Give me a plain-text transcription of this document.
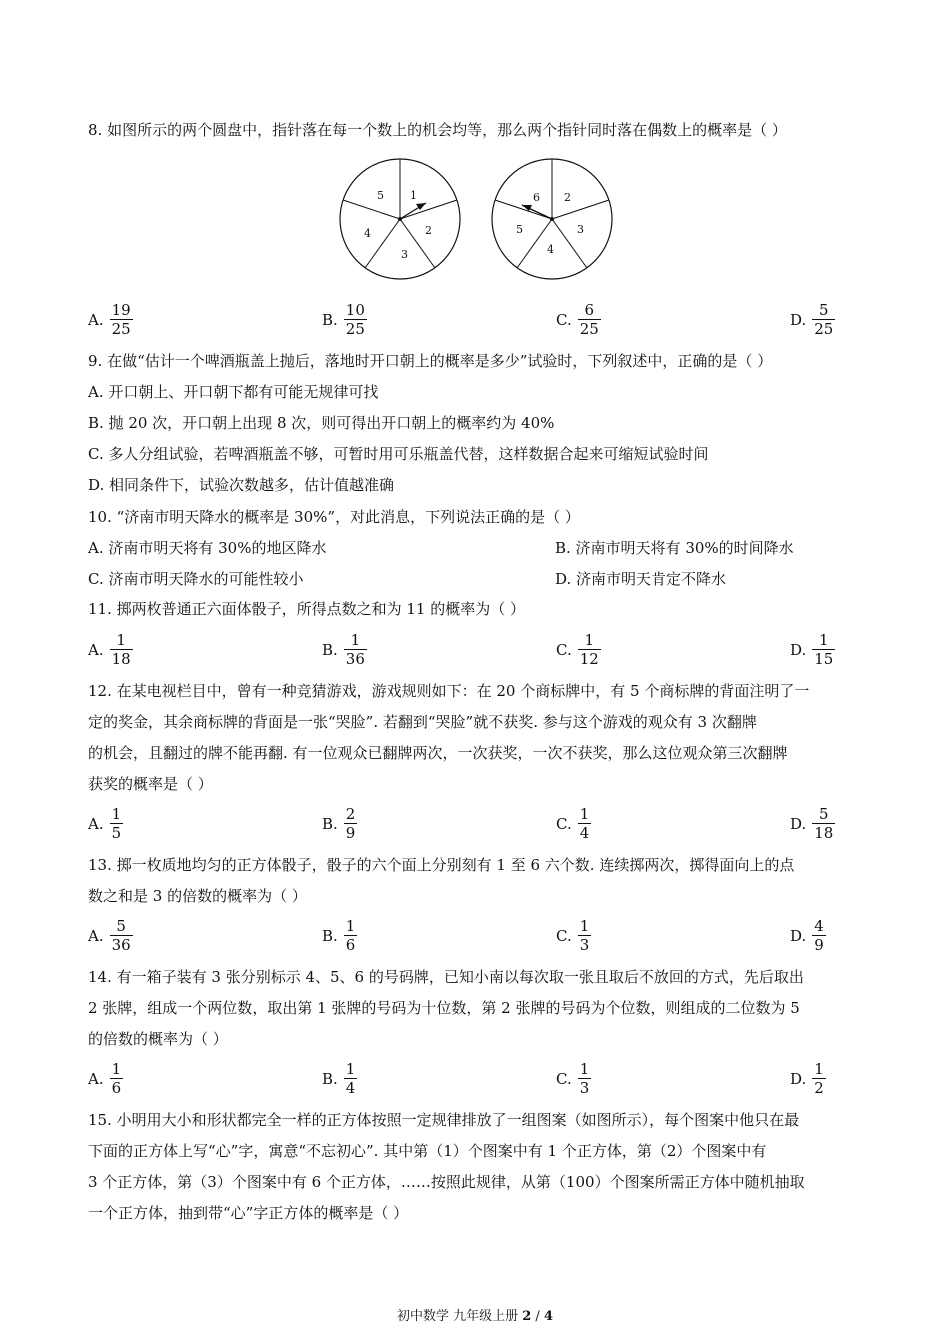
8. 如图所示的两个圆盘中，指针落在每一个数上的机会均等，那么两个指针同时落在偶数上的概率是（ ）
5 1
2
3
4
6 2
3
4
5
A. $\frac{19}{25}$	B. $\frac{10}{25}$	C. $\frac{6}{25}$	D. $\frac{5}{25}$
9. 在做“估计一个啤酒瓶盖上抛后，落地时开口朝上的概率是多少”试验时，下列叙述中，正确的是（ ）
A. 开口朝上、开口朝下都有可能无规律可找
B. 抛 20 次，开口朝上出现 8 次，则可得出开口朝上的概率约为 40%
C. 多人分组试验，若啤酒瓶盖不够，可暂时用可乐瓶盖代替，这样数据合起来可缩短试验时间
D. 相同条件下，试验次数越多，估计值越准确
10. “济南市明天降水的概率是 30%”，对此消息，下列说法正确的是（ ）
A. 济南市明天将有 30%的地区降水	B. 济南市明天将有 30%的时间降水
C. 济南市明天降水的可能性较小	D. 济南市明天肯定不降水
11. 掷两枚普通正六面体骰子，所得点数之和为 11 的概率为（ ）
A. $\frac{1}{18}$	B. $\frac{1}{36}$	C. $\frac{1}{12}$	D. $\frac{1}{15}$
12. 在某电视栏目中，曾有一种竞猜游戏，游戏规则如下：在 20 个商标牌中，有 5 个商标牌的背面注明了一
定的奖金，其余商标牌的背面是一张“哭脸”. 若翻到“哭脸”就不获奖. 参与这个游戏的观众有 3 次翻牌
的机会，且翻过的牌不能再翻. 有一位观众已翻牌两次，一次获奖，一次不获奖，那么这位观众第三次翻牌
获奖的概率是（ ）
A. $\frac{1}{5}$	B. $\frac{2}{9}$	C. $\frac{1}{4}$	D. $\frac{5}{18}$
13. 掷一枚质地均匀的正方体骰子，骰子的六个面上分别刻有 1 至 6 六个数. 连续掷两次，掷得面向上的点
数之和是 3 的倍数的概率为（ ）
A. $\frac{5}{36}$	B. $\frac{1}{6}$	C. $\frac{1}{3}$	D. $\frac{4}{9}$
14. 有一箱子装有 3 张分别标示 4、5、6 的号码牌，已知小南以每次取一张且取后不放回的方式，先后取出
2 张牌，组成一个两位数，取出第 1 张牌的号码为十位数，第 2 张牌的号码为个位数，则组成的二位数为 5
的倍数的概率为（ ）
A. $\frac{1}{6}$	B. $\frac{1}{4}$	C. $\frac{1}{3}$	D. $\frac{1}{2}$
15. 小明用大小和形状都完全一样的正方体按照一定规律排放了一组图案（如图所示），每个图案中他只在最
下面的正方体上写“心”字，寓意“不忘初心”. 其中第（1）个图案中有 1 个正方体，第（2）个图案中有
3 个正方体，第（3）个图案中有 6 个正方体，……按照此规律，从第（100）个图案所需正方体中随机抽取
一个正方体，抽到带“心”字正方体的概率是（ ）
初中数学 九年级上册 2 / 4
